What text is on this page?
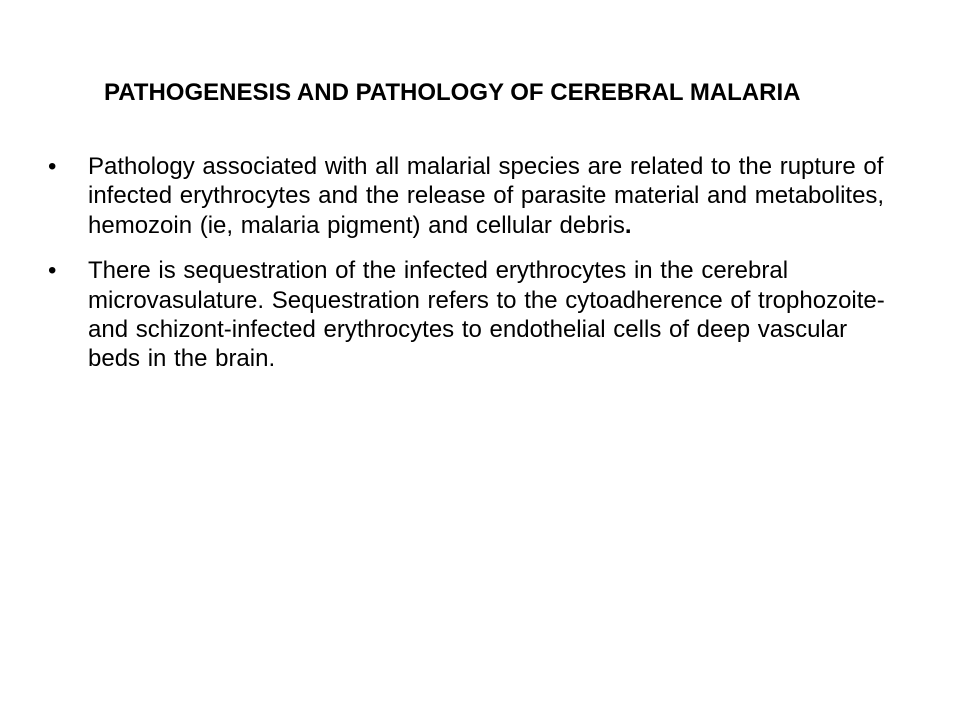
PATHOGENESIS AND PATHOLOGY OF CEREBRAL MALARIA
• Pathology associated with all malarial species are related to the rupture of infected erythrocytes and the release of parasite material and metabolites, hemozoin (ie, malaria pigment) and cellular debris.
• There is sequestration of the infected erythrocytes in the cerebral microvasulature. Sequestration refers to the cytoadherence of trophozoite- and schizont-infected erythrocytes to endothelial cells of deep vascular beds in the brain.
